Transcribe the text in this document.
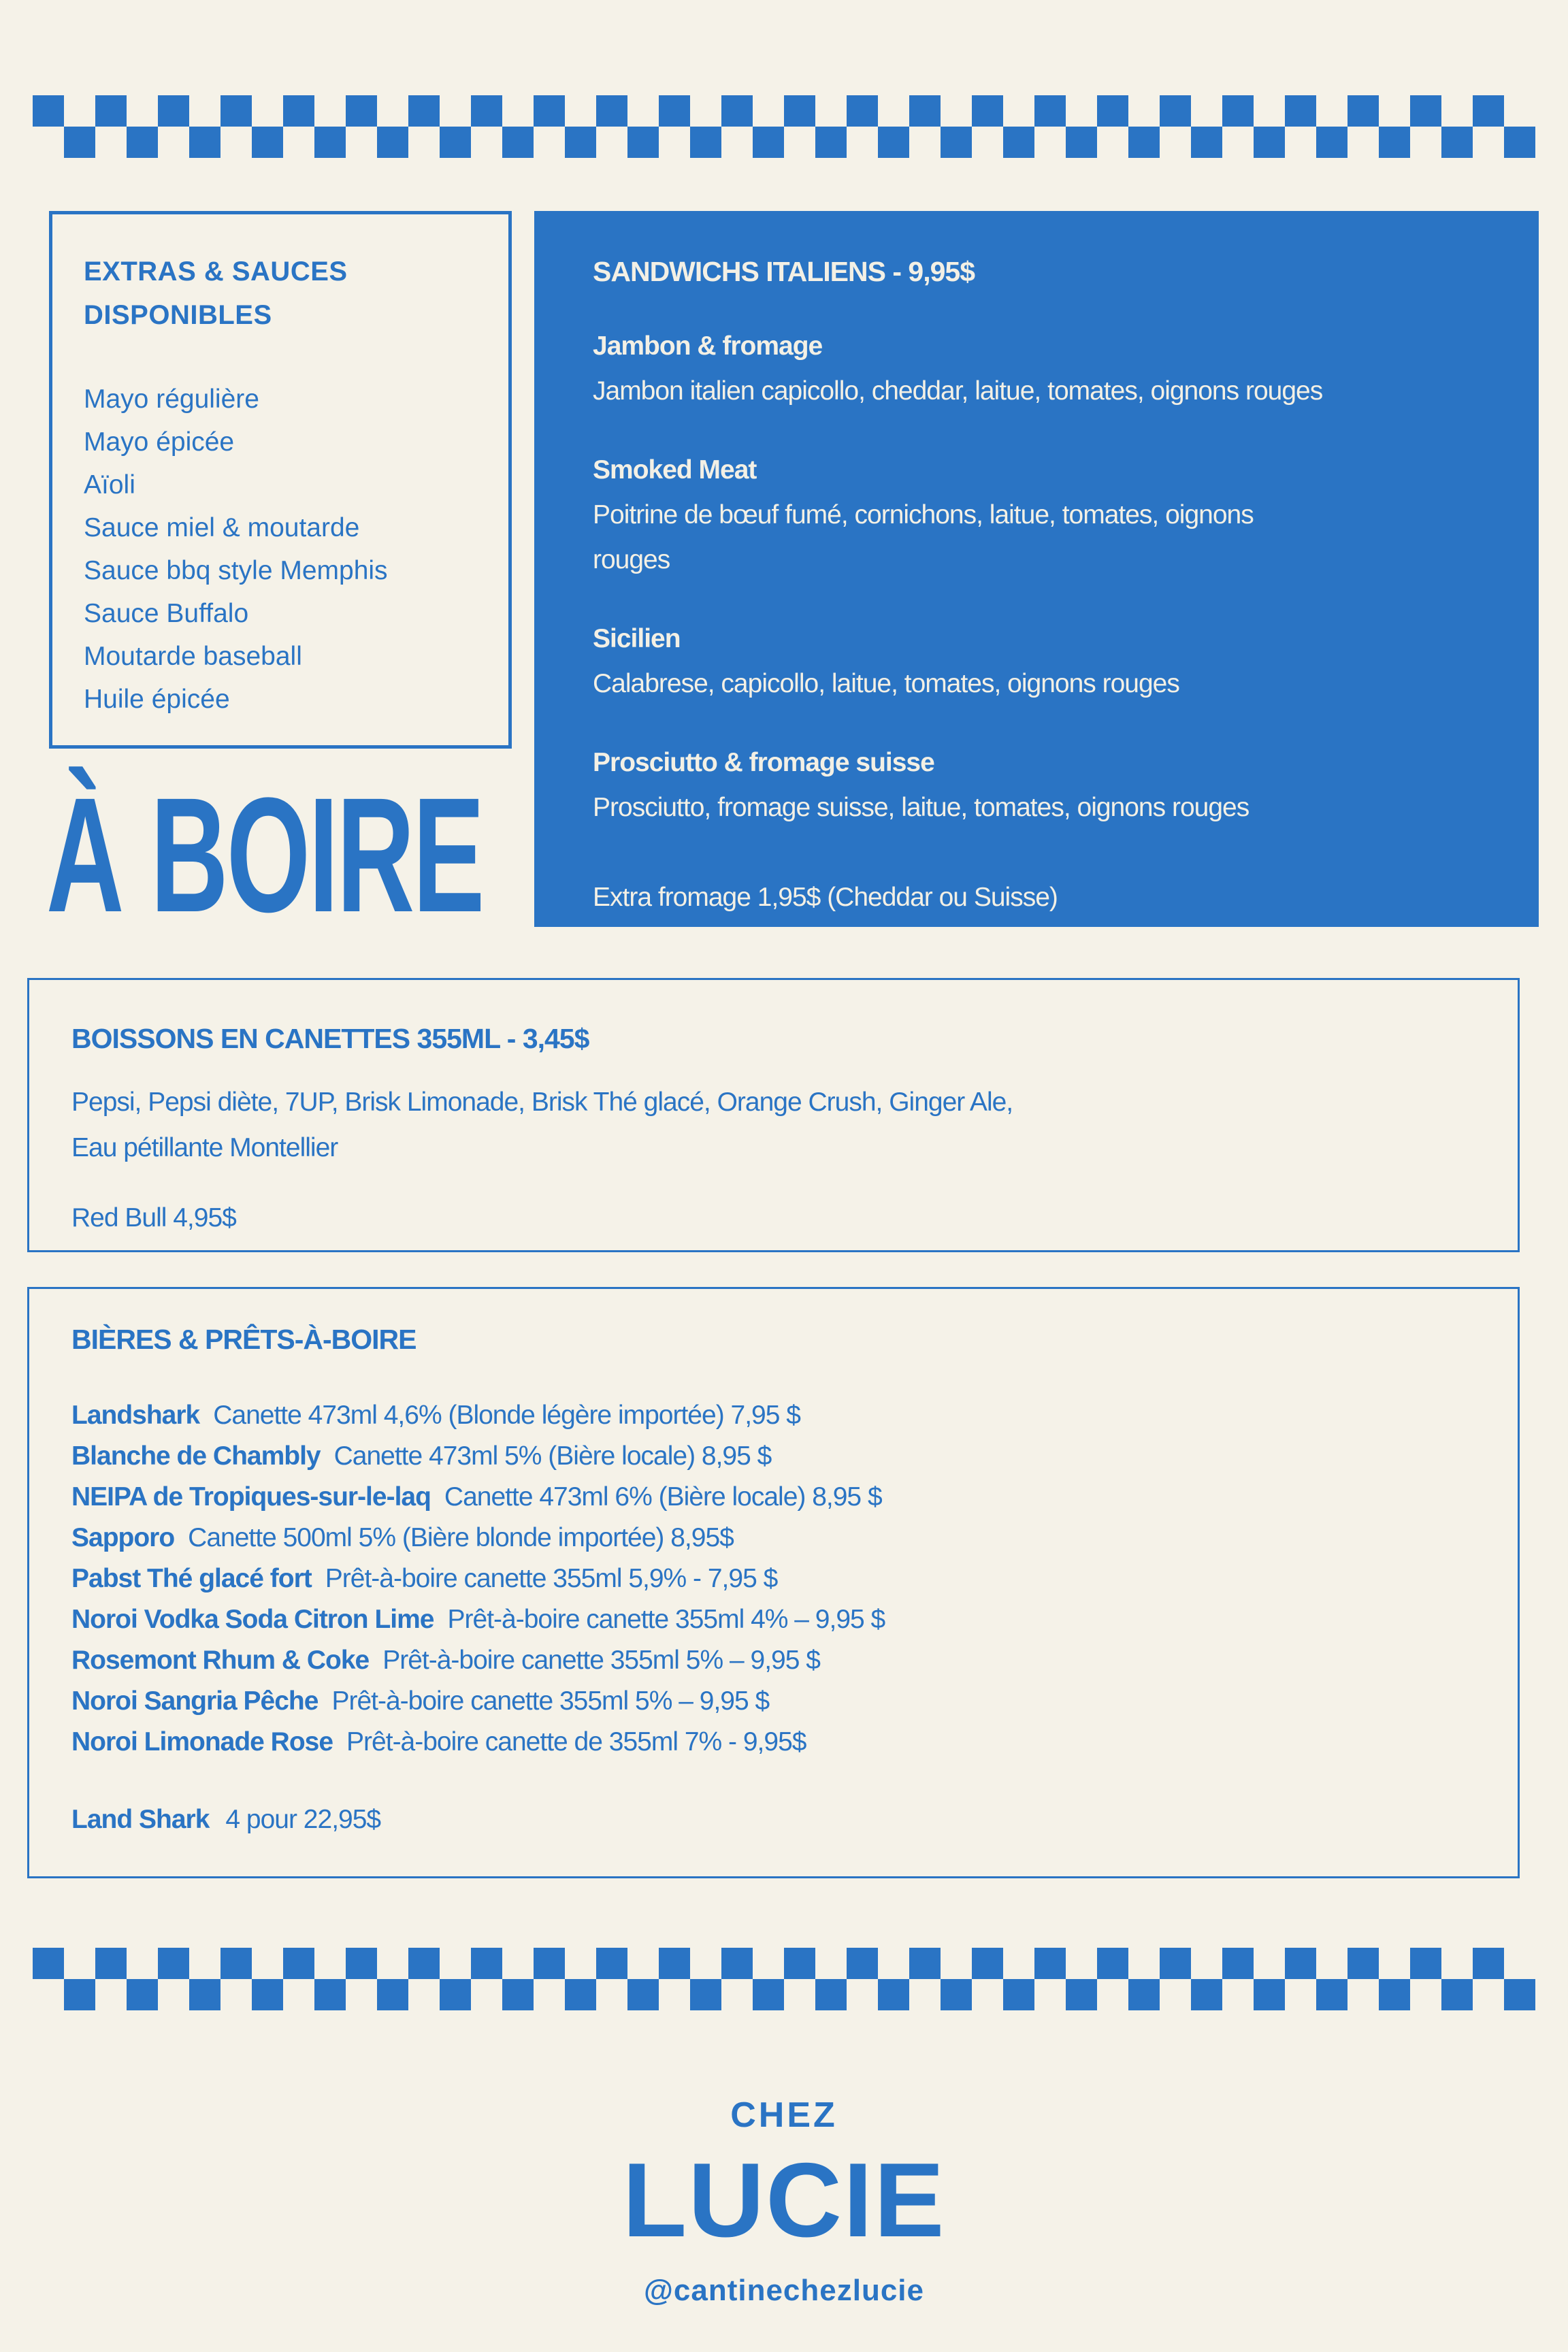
EXTRAS & SAUCES
DISPONIBLES
Mayo régulière
Mayo épicée
Aïoli
Sauce miel & moutarde
Sauce bbq style Memphis
Sauce Buffalo
Moutarde baseball
Huile épicée
SANDWICHS ITALIENS - 9,95$
Jambon & fromage
Jambon italien capicollo, cheddar, laitue, tomates, oignons rouges
Smoked Meat
Poitrine de bœuf fumé, cornichons, laitue, tomates, oignons
rouges
Sicilien
Calabrese, capicollo, laitue, tomates, oignons rouges
Prosciutto & fromage suisse
Prosciutto, fromage suisse, laitue, tomates, oignons rouges
Extra fromage 1,95$ (Cheddar ou Suisse)
À BOIRE
BOISSONS EN CANETTES 355ML - 3,45$
Pepsi, Pepsi diète, 7UP, Brisk Limonade, Brisk Thé glacé, Orange Crush, Ginger Ale,
Eau pétillante Montellier
Red Bull 4,95$
BIÈRES & PRÊTS-À-BOIRE
Landshark Canette 473ml 4,6% (Blonde légère importée) 7,95 $
Blanche de Chambly Canette 473ml 5% (Bière locale) 8,95 $
NEIPA de Tropiques-sur-le-laq Canette 473ml 6% (Bière locale) 8,95 $
Sapporo Canette 500ml 5% (Bière blonde importée) 8,95$
Pabst Thé glacé fort Prêt-à-boire canette 355ml 5,9% - 7,95 $
Noroi Vodka Soda Citron Lime Prêt-à-boire canette 355ml 4% – 9,95 $
Rosemont Rhum & Coke Prêt-à-boire canette 355ml 5% – 9,95 $
Noroi Sangria Pêche Prêt-à-boire canette 355ml 5% – 9,95 $
Noroi Limonade Rose Prêt-à-boire canette de 355ml 7% - 9,95$
Land Shark 4 pour 22,95$
CHEZ
LUCIE
@cantinechezlucie
